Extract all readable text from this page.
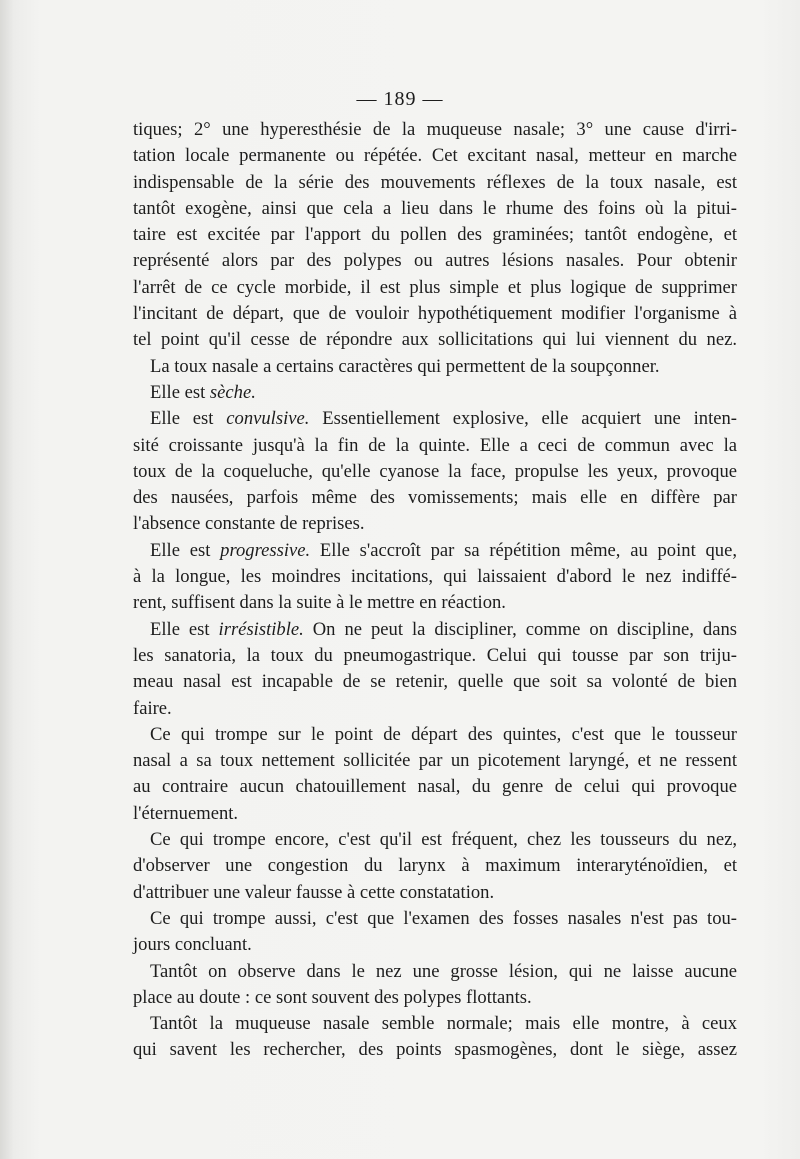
— 189 —
tiques; 2° une hyperesthésie de la muqueuse nasale; 3° une cause d'irri-
tation locale permanente ou répétée. Cet excitant nasal, metteur en marche
indispensable de la série des mouvements réflexes de la toux nasale, est
tantôt exogène, ainsi que cela a lieu dans le rhume des foins où la pitui-
taire est excitée par l'apport du pollen des graminées; tantôt endogène, et
représenté alors par des polypes ou autres lésions nasales. Pour obtenir
l'arrêt de ce cycle morbide, il est plus simple et plus logique de supprimer
l'incitant de départ, que de vouloir hypothétiquement modifier l'organisme à
tel point qu'il cesse de répondre aux sollicitations qui lui viennent du nez.
La toux nasale a certains caractères qui permettent de la soupçonner.
Elle est sèche.
Elle est convulsive. Essentiellement explosive, elle acquiert une inten-
sité croissante jusqu'à la fin de la quinte. Elle a ceci de commun avec la
toux de la coqueluche, qu'elle cyanose la face, propulse les yeux, provoque
des nausées, parfois même des vomissements; mais elle en diffère par
l'absence constante de reprises.
Elle est progressive. Elle s'accroît par sa répétition même, au point que,
à la longue, les moindres incitations, qui laissaient d'abord le nez indiffé-
rent, suffisent dans la suite à le mettre en réaction.
Elle est irrésistible. On ne peut la discipliner, comme on discipline, dans
les sanatoria, la toux du pneumogastrique. Celui qui tousse par son triju-
meau nasal est incapable de se retenir, quelle que soit sa volonté de bien
faire.
Ce qui trompe sur le point de départ des quintes, c'est que le tousseur
nasal a sa toux nettement sollicitée par un picotement laryngé, et ne ressent
au contraire aucun chatouillement nasal, du genre de celui qui provoque
l'éternuement.
Ce qui trompe encore, c'est qu'il est fréquent, chez les tousseurs du nez,
d'observer une congestion du larynx à maximum interaryténoïdien, et
d'attribuer une valeur fausse à cette constatation.
Ce qui trompe aussi, c'est que l'examen des fosses nasales n'est pas tou-
jours concluant.
Tantôt on observe dans le nez une grosse lésion, qui ne laisse aucune
place au doute : ce sont souvent des polypes flottants.
Tantôt la muqueuse nasale semble normale; mais elle montre, à ceux
qui savent les rechercher, des points spasmogènes, dont le siège, assez
